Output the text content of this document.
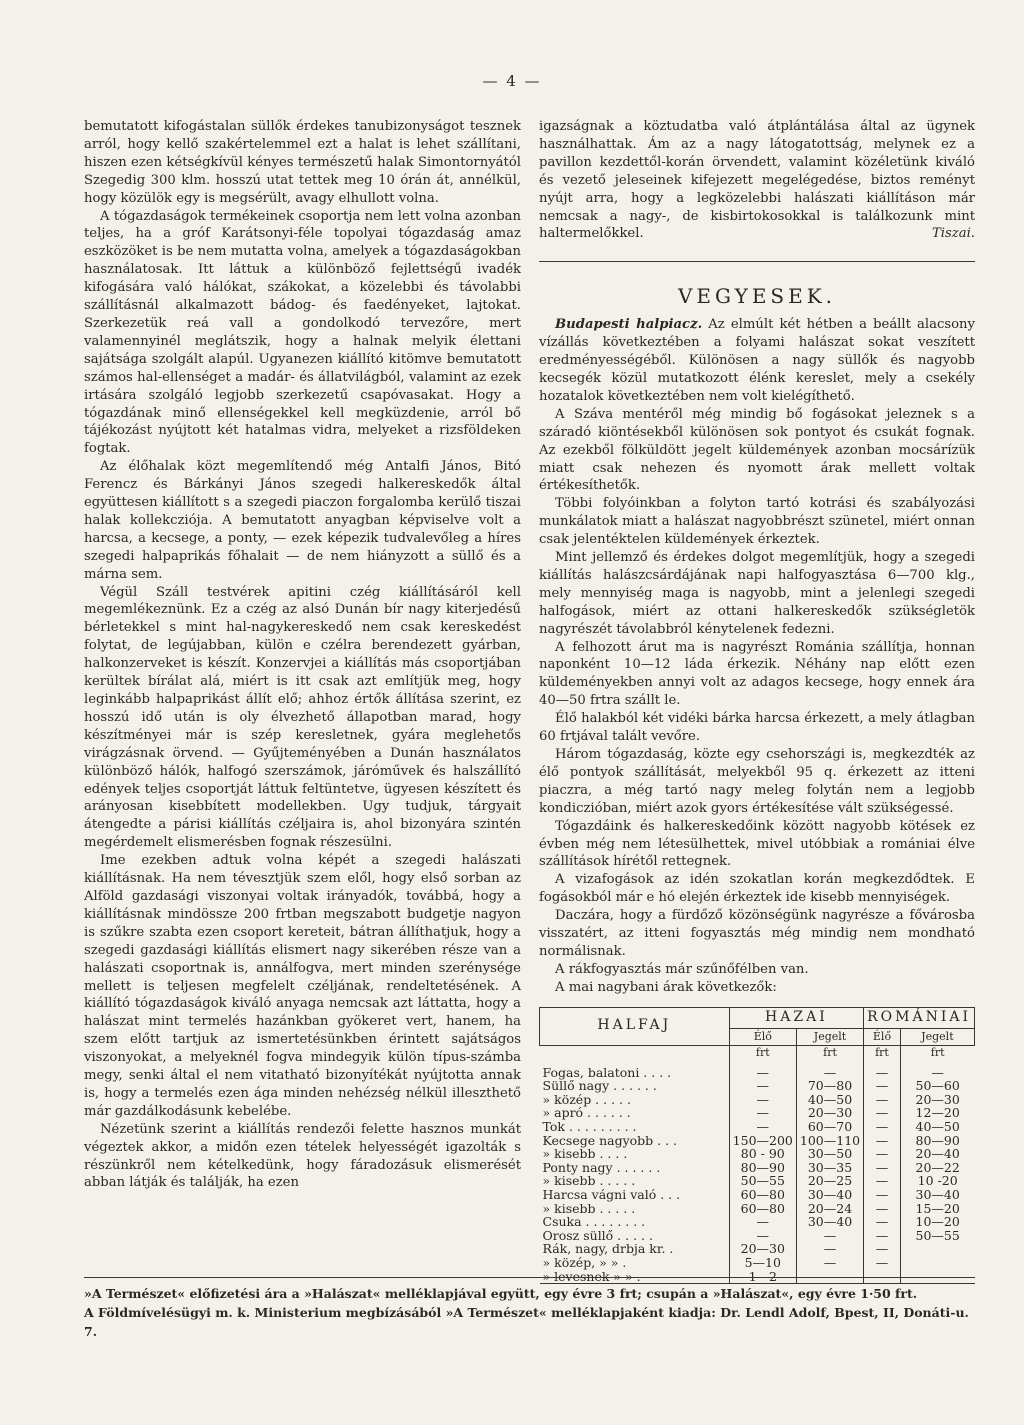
— 4 —

bemutatott kifogástalan süllők érdekes tanubizonyságot tesznek arról, hogy kellő szakértelemmel ezt a halat is lehet szállítani, hiszen ezen kétségkívül kényes természetű halak Simontornyától Szegedig 300 klm. hosszú utat tettek meg 10 órán át, annélkül, hogy közülök egy is megsérült, avagy elhullott volna.

A tógazdaságok termékeinek csoportja nem lett volna azonban teljes, ha a gróf Karátsonyi-féle topolyai tógazdaság amaz eszközöket is be nem mutatta volna, amelyek a tógazdaságokban használatosak. Itt láttuk a különböző fejlettségű ivadék kifogására való hálókat, szákokat, a közelebbi és távolabbi szállításnál alkalmazott bádog- és faedényeket, lajtokat. Szerkezetük reá vall a gondolkodó tervezőre, mert valamennyinél meglátszik, hogy a halnak melyik élettani sajátsága szolgált alapúl. Ugyanezen kiállító kitömve bemutatott számos hal-ellenséget a madár- és állatvilágból, valamint az ezek irtására szolgáló legjobb szerkezetű csapóvasakat. Hogy a tógazdának minő ellenségekkel kell megküzdenie, arról bő tájékozást nyújtott két hatalmas vidra, melyeket a rizsföldeken fogtak.

Az élőhalak közt megemlítendő még Antalfi János, Bitó Ferencz és Bárkányi János szegedi halkereskedők által együttesen kiállított s a szegedi piaczon forgalomba kerülő tiszai halak kollekcziója. A bemutatott anyagban képviselve volt a harcsa, a kecsege, a ponty, — ezek képezik tudvalevőleg a híres szegedi halpaprikás főhalait — de nem hiányzott a süllő és a márna sem.

Végül Száll testvérek apitini czég kiállításáról kell megemlékeznünk. Ez a czég az alsó Dunán bír nagy kiterjedésű bérletekkel s mint hal-nagykereskedő nem csak kereskedést folytat, de legújabban, külön e czélra berendezett gyárban, halkonzerveket is készít. Konzervjei a kiállítás más csoportjában kerültek bírálat alá, miért is itt csak azt említjük meg, hogy leginkább halpaprikást állít elő; ahhoz értők állítása szerint, ez hosszú idő után is oly élvezhető állapotban marad, hogy készítményei már is szép keresletnek, gyára meglehetős virágzásnak örvend. — Gyűjteményében a Dunán használatos különböző hálók, halfogó szerszámok, járóművek és halszállító edények teljes csoportját láttuk feltüntetve, ügyesen készített és arányosan kisebbített modellekben. Ugy tudjuk, tárgyait átengedte a párisi kiállítás czéljaira is, ahol bizonyára szintén megérdemelt elismerésben fognak részesülni.

Ime ezekben adtuk volna képét a szegedi halászati kiállításnak. Ha nem tévesztjük szem elől, hogy első sorban az Alföld gazdasági viszonyai voltak irányadók, továbbá, hogy a kiállításnak mindössze 200 frtban megszabott budgetje nagyon is szűkre szabta ezen csoport kereteit, bátran állíthatjuk, hogy a szegedi gazdasági kiállítás elismert nagy sikerében része van a halászati csoportnak is, annálfogva, mert minden szerénysége mellett is teljesen megfelelt czéljának, rendeltetésének. A kiállító tógazdaságok kiváló anyaga nemcsak azt láttatta, hogy a halászat mint termelés hazánkban gyökeret vert, hanem, ha szem előtt tartjuk az ismertetésünkben érintett sajátságos viszonyokat, a melyeknél fogva mindegyik külön típus-számba megy, senki által el nem vitatható bizonyítékát nyújtotta annak is, hogy a termelés ezen ága minden nehézség nélkül illeszthető már gazdálkodásunk kebelébe.

Nézetünk szerint a kiállítás rendezői felette hasznos munkát végeztek akkor, a midőn ezen tételek helyességét igazolták s részünkről nem kételkedünk, hogy fáradozásuk elismerését abban látják és találják, ha ezen

igazságnak a köztudatba való átplántálása által az ügynek használhattak. Ám az a nagy látogatottság, melynek ez a pavillon kezdettől-korán örvendett, valamint közéletünk kiváló és vezető jeleseinek kifejezett megelégedése, biztos reményt nyújt arra, hogy a legközelebbi halászati kiállításon már nemcsak a nagy-, de kisbirtokosokkal is találkozunk mint haltermelőkkel.	Tiszai.

VEGYESEK.

Budapesti halpiacz. Az elmúlt két hétben a beállt alacsony vízállás következtében a folyami halászat sokat veszített eredményességéből. Különösen a nagy süllők és nagyobb kecsegék közül mutatkozott élénk kereslet, mely a csekély hozatalok következtében nem volt kielégíthető.

A Száva mentéről még mindig bő fogásokat jeleznek s a száradó kiöntésekből különösen sok pontyot és csukát fognak. Az ezekből fölküldött jegelt küldemények azonban mocsárízük miatt csak nehezen és nyomott árak mellett voltak értékesíthetők.

Többi folyóinkban a folyton tartó kotrási és szabályozási munkálatok miatt a halászat nagyobbrészt szünetel, miért onnan csak jelentéktelen küldemények érkeztek.

Mint jellemző és érdekes dolgot megemlítjük, hogy a szegedi kiállítás halászcsárdájának napi halfogyasztása 6—700 klg., mely mennyiség maga is nagyobb, mint a jelenlegi szegedi halfogások, miért az ottani halkereskedők szükségletök nagyrészét távolabbról kénytelenek fedezni.

A felhozott árut ma is nagyrészt Románia szállítja, honnan naponként 10—12 láda érkezik. Néhány nap előtt ezen küldeményekben annyi volt az adagos kecsege, hogy ennek ára 40—50 frtra szállt le.

Élő halakból két vidéki bárka harcsa érkezett, a mely átlagban 60 frtjával talált vevőre.

Három tógazdaság, közte egy csehországi is, megkezdték az élő pontyok szállítását, melyekből 95 q. érkezett az itteni piaczra, a még tartó nagy meleg folytán nem a legjobb kondiczióban, miért azok gyors értékesítése vált szükségessé.

Tógazdáink és halkereskedőink között nagyobb kötések ez évben még nem létesülhettek, mivel utóbbiak a romániai élve szállítások hírétől rettegnek.

A vizafogások az idén szokatlan korán megkezdődtek. E fogásokból már e hó elején érkeztek ide kisebb mennyiségek.

Daczára, hogy a fürdőző közönségünk nagyrésze a fővárosba visszatért, az itteni fogyasztás még mindig nem mondható normálisnak.

A rákfogyasztás már szűnőfélben van.

A mai nagybani árak következők:

HALFAJ	HAZAI		ROMÁNIAI	
	Élő	Jegelt	Élő	Jegelt
	frt	frt	frt	frt
Fogas, balatoni . . . .	—	—	—	—
Süllő nagy . . . . . .	—	70—80	—	50—60
» közép . . . . .	—	40—50	—	20—30
» apró . . . . . .	—	20—30	—	12—20
Tok . . . . . . . . .	—	60—70	—	40—50
Kecsege nagyobb . . .	150—200	100—110	—	80—90
» kisebb . . . .	80 - 90	30—50	—	20—40
Ponty nagy . . . . . .	80—90	30—35	—	20—22
» kisebb . . . . .	50—55	20—25	—	10 -20
Harcsa vágni való . . .	60—80	30—40	—	30—40
» kisebb . . . . .	60—80	20—24	—	15—20
Csuka . . . . . . . .	—	30—40	—	10—20
Orosz süllő . . . . .	—	—	—	50—55
Rák, nagy, drbja kr. .	20—30	—	—	
» közép, » » .	5—10	—	—	
» levesnek » » .	1—2	—	—	
»A Természet« előfizetési ára a »Halászat« melléklapjával együtt, egy évre 3 frt; csupán a »Halászat«, egy évre 1·50 frt.
A Földmívelésügyi m. k. Ministerium megbízásából »A Természet« melléklapjaként kiadja: Dr. Lendl Adolf, Bpest, II, Donáti-u. 7.
